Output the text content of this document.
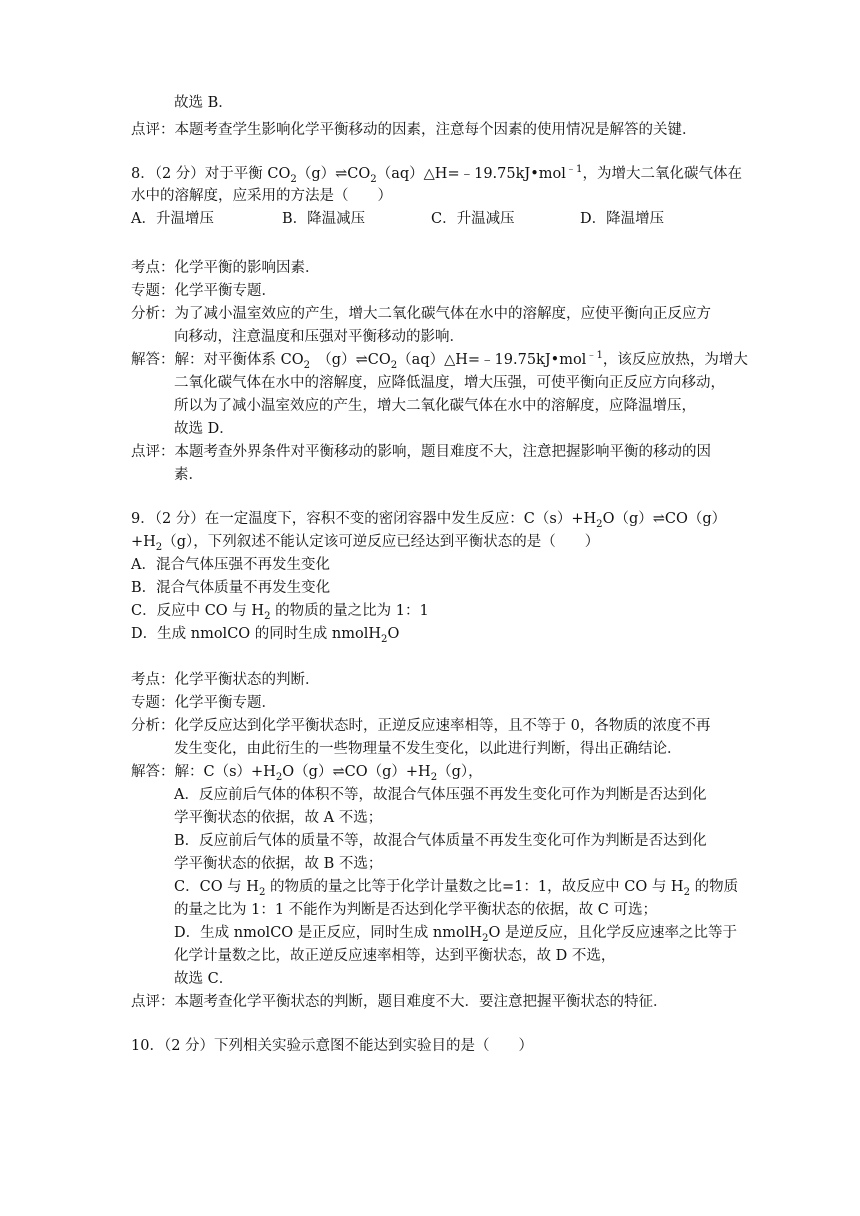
故选 B．
点评：本题考查学生影响化学平衡移动的因素，注意每个因素的使用情况是解答的关键．
8．（2 分）对于平衡 $CO_2(g)\rightleftharpoons CO_2(aq)\triangle H=﹣19.75kJ•mol^{﹣1}$，为增大二氧化碳气体在
水中的溶解度，应采用的方法是（　　）
考点：化学平衡的影响因素．
专题：化学平衡专题．
分析：为了减小温室效应的产生，增大二氧化碳气体在水中的溶解度，应使平衡向正反应方
向移动，注意温度和压强对平衡移动的影响．
解答：解：对平衡体系 $CO_2$　$(g)\rightleftharpoons CO_2(aq)\triangle H=﹣19.75kJ•mol^{﹣1}$，该反应放热，为增大
二氧化碳气体在水中的溶解度，应降低温度，增大压强，可使平衡向正反应方向移动，
所以为了减小温室效应的产生，增大二氧化碳气体在水中的溶解度，应降温增压，
故选 D．
点评：本题考查外界条件对平衡移动的影响，题目难度不大，注意把握影响平衡的移动的因
素．
9．（2 分）在一定温度下，容积不变的密闭容器中发生反应：$C(s)+H_2O(g)\rightleftharpoons CO(g)$
$+H_2(g)$，下列叙述不能认定该可逆反应已经达到平衡状态的是（　　）
A．混合气体压强不再发生变化
B．混合气体质量不再发生变化
C．反应中 CO 与 $H_2$ 的物质的量之比为 1：1
D．生成 nmolCO 的同时生成 nmolH$_2$O
考点：化学平衡状态的判断．
专题：化学平衡专题．
分析：化学反应达到化学平衡状态时，正逆反应速率相等，且不等于 0，各物质的浓度不再
发生变化，由此衍生的一些物理量不发生变化，以此进行判断，得出正确结论．
解答：解：$C(s)+H_2O(g)\rightleftharpoons CO(g)+H_2(g)$，
A．反应前后气体的体积不等，故混合气体压强不再发生变化可作为判断是否达到化
学平衡状态的依据，故 A 不选；
B．反应前后气体的质量不等，故混合气体质量不再发生变化可作为判断是否达到化
学平衡状态的依据，故 B 不选；
C．CO 与 $H_2$ 的物质的量之比等于化学计量数之比=1：1，故反应中 CO 与 $H_2$ 的物质
的量之比为 1：1 不能作为判断是否达到化学平衡状态的依据，故 C 可选；
D．生成 nmolCO 是正反应，同时生成 nmolH$_2$O 是逆反应，且化学反应速率之比等于
化学计量数之比，故正逆反应速率相等，达到平衡状态，故 D 不选，
故选 C．
点评：本题考查化学平衡状态的判断，题目难度不大．要注意把握平衡状态的特征．
10．（2 分）下列相关实验示意图不能达到实验目的是（　　）
A．升温增压	B．降温减压	C．升温减压	D．降温增压
